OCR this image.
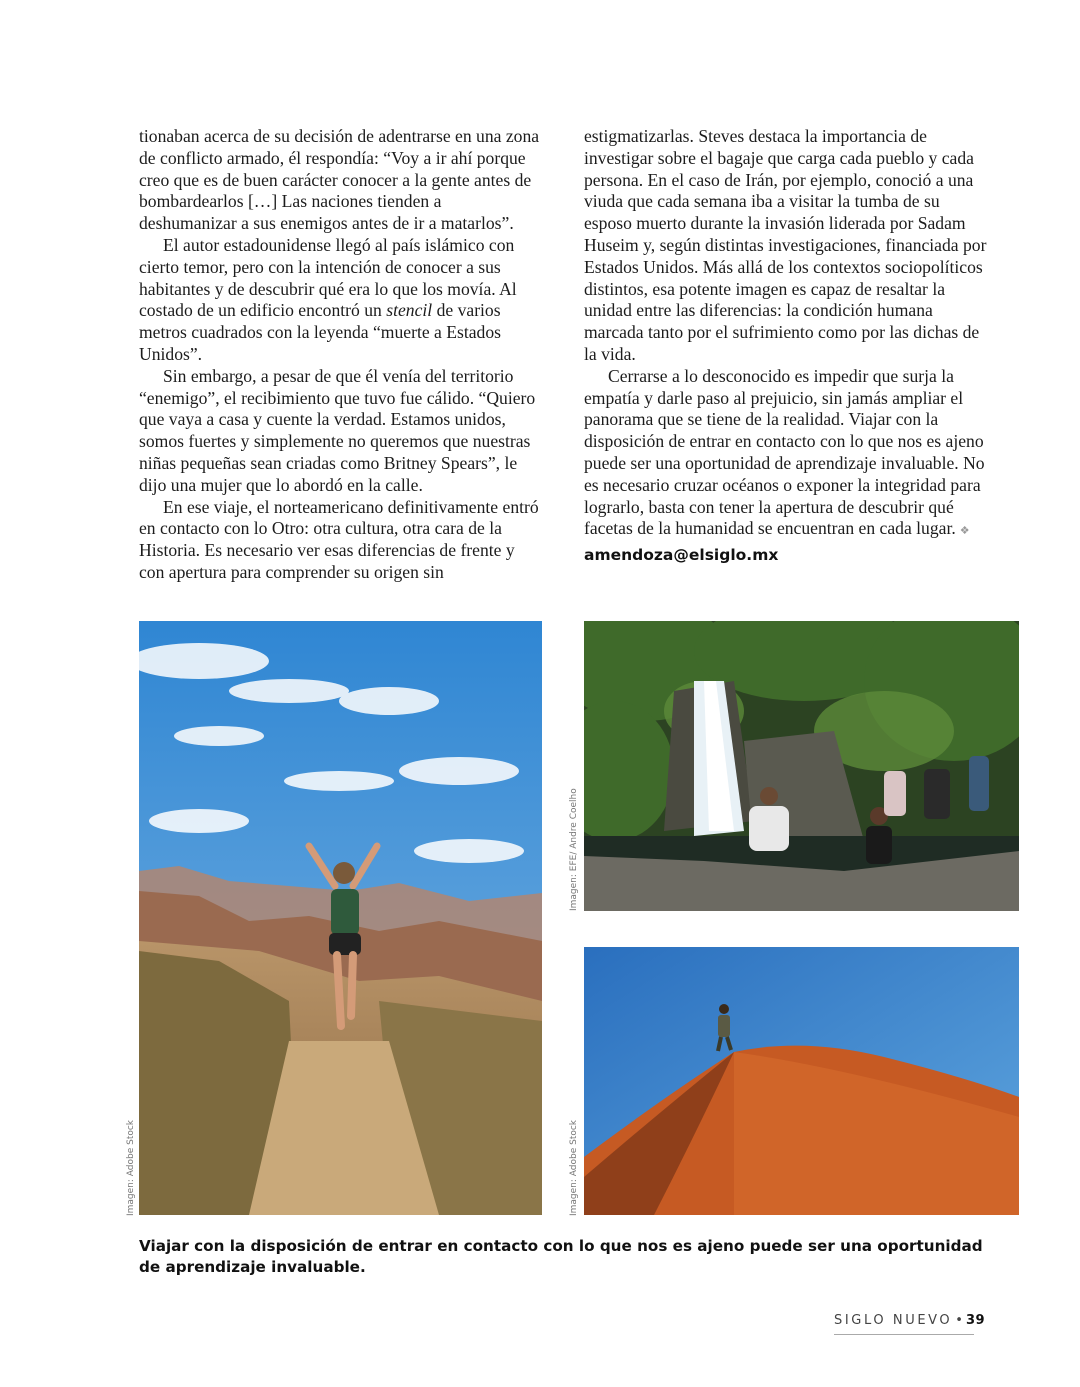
tionaban acerca de su decisión de adentrarse en una zona de conflicto armado, él respondía: “Voy a ir ahí porque creo que es de buen carácter conocer a la gente antes de bombardearlos […] Las naciones tienden a deshumanizar a sus enemigos antes de ir a matarlos”.

El autor estadounidense llegó al país islámico con cierto temor, pero con la intención de conocer a sus habitantes y de descubrir qué era lo que los movía. Al costado de un edificio encontró un stencil de varios metros cuadrados con la leyenda “muerte a Estados Unidos”.

Sin embargo, a pesar de que él venía del territorio “enemigo”, el recibimiento que tuvo fue cálido. “Quiero que vaya a casa y cuente la verdad. Estamos unidos, somos fuertes y simplemente no queremos que nuestras niñas pequeñas sean criadas como Britney Spears”, le dijo una mujer que lo abordó en la calle.

En ese viaje, el norteamericano definitivamente entró en contacto con lo Otro: otra cultura, otra cara de la Historia. Es necesario ver esas diferencias de frente y con apertura para comprender su origen sin

estigmatizarlas. Steves destaca la importancia de investigar sobre el bagaje que carga cada pueblo y cada persona. En el caso de Irán, por ejemplo, conoció a una viuda que cada semana iba a visitar la tumba de su esposo muerto durante la invasión liderada por Sadam Huseim y, según distintas investigaciones, financiada por Estados Unidos. Más allá de los contextos sociopolíticos distintos, esa potente imagen es capaz de resaltar la unidad entre las diferencias: la condición humana marcada tanto por el sufrimiento como por las dichas de la vida.

Cerrarse a lo desconocido es impedir que surja la empatía y darle paso al prejuicio, sin jamás ampliar el panorama que se tiene de la realidad. Viajar con la disposición de entrar en contacto con lo que nos es ajeno puede ser una oportunidad de aprendizaje invaluable. No es necesario cruzar océanos o exponer la integridad para lograrlo, basta con tener la apertura de descubrir qué facetas de la humanidad se encuentran en cada lugar. ❖

amendoza@elsiglo.mx
Imagen: Adobe Stock
Imagen: EFE/ Andre Coelho
Imagen: Adobe Stock
Viajar con la disposición de entrar en contacto con lo que nos es ajeno puede ser una oportunidad de aprendizaje invaluable.
SIGLO NUEVO • 39
